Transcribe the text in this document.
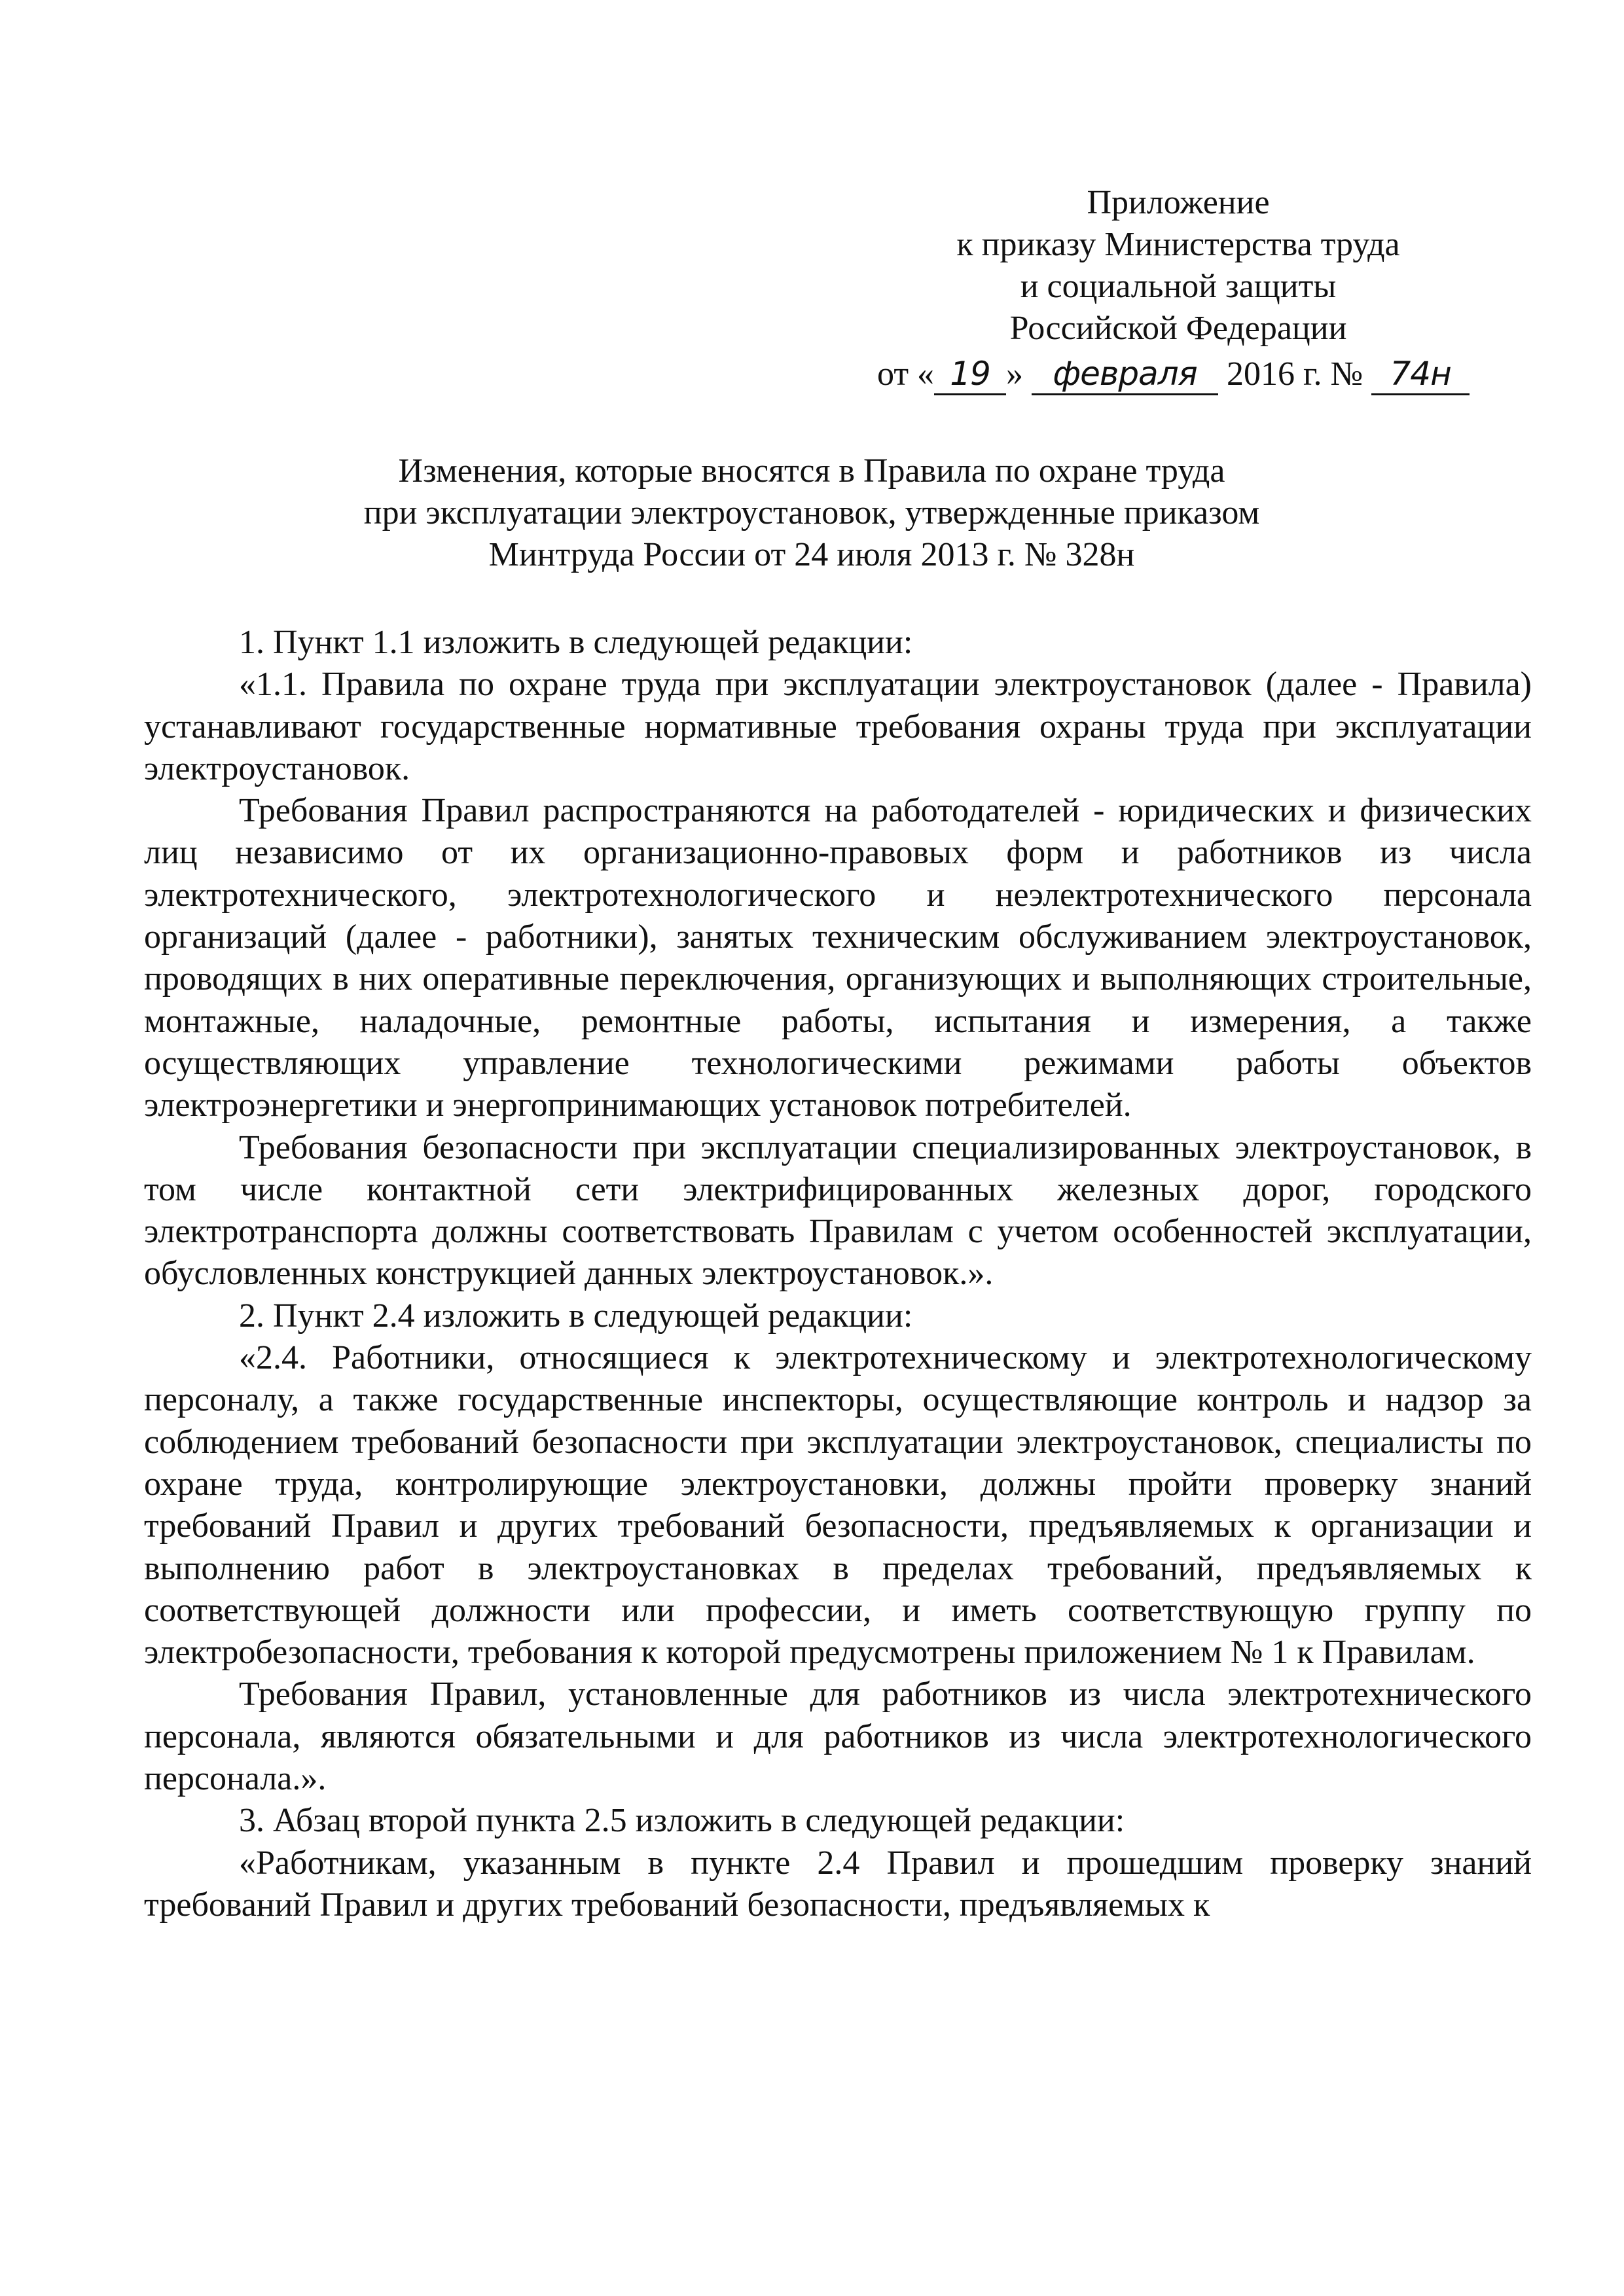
Приложение
к приказу Министерства труда
и социальной защиты
Российской Федерации
от « 19 » февраля 2016 г. № 74н
Изменения, которые вносятся в Правила по охране труда
при эксплуатации электроустановок, утвержденные приказом
Минтруда России от 24 июля 2013 г. № 328н

1. Пункт 1.1 изложить в следующей редакции:

«1.1. Правила по охране труда при эксплуатации электроустановок (далее - Правила) устанавливают государственные нормативные требования охраны труда при эксплуатации электроустановок.

Требования Правил распространяются на работодателей - юридических и физических лиц независимо от их организационно-правовых форм и работников из числа электротехнического, электротехнологического и неэлектротехнического персонала организаций (далее - работники), занятых техническим обслуживанием электроустановок, проводящих в них оперативные переключения, организующих и выполняющих строительные, монтажные, наладочные, ремонтные работы, испытания и измерения, а также осуществляющих управление технологическими режимами работы объектов электроэнергетики и энергопринимающих установок потребителей.

Требования безопасности при эксплуатации специализированных электроустановок, в том числе контактной сети электрифицированных железных дорог, городского электротранспорта должны соответствовать Правилам с учетом особенностей эксплуатации, обусловленных конструкцией данных электроустановок.».

2. Пункт 2.4 изложить в следующей редакции:

«2.4. Работники, относящиеся к электротехническому и электротехнологическому персоналу, а также государственные инспекторы, осуществляющие контроль и надзор за соблюдением требований безопасности при эксплуатации электроустановок, специалисты по охране труда, контролирующие электроустановки, должны пройти проверку знаний требований Правил и других требований безопасности, предъявляемых к организации и выполнению работ в электроустановках в пределах требований, предъявляемых к соответствующей должности или профессии, и иметь соответствующую группу по электробезопасности, требования к которой предусмотрены приложением № 1 к Правилам.

Требования Правил, установленные для работников из числа электротехнического персонала, являются обязательными и для работников из числа электротехнологического персонала.».

3. Абзац второй пункта 2.5 изложить в следующей редакции:

«Работникам, указанным в пункте 2.4 Правил и прошедшим проверку знаний требований Правил и других требований безопасности, предъявляемых к
